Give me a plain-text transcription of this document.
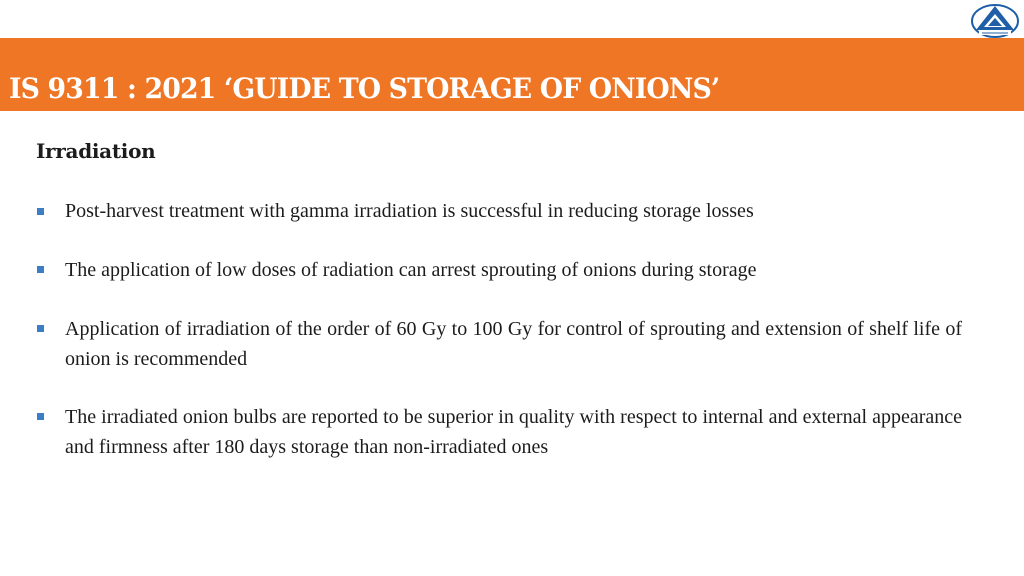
IS 9311 : 2021 ‘GUIDE TO STORAGE OF ONIONS’
Irradiation
Post-harvest treatment with gamma irradiation is successful in reducing storage losses
The application of low doses of radiation can arrest sprouting of onions during storage
Application of irradiation of the order of 60 Gy to 100 Gy for control of sprouting and extension of shelf life of onion is recommended
The irradiated onion bulbs are reported to be superior in quality with respect to internal and external appearance and firmness after 180 days storage than non-irradiated ones
